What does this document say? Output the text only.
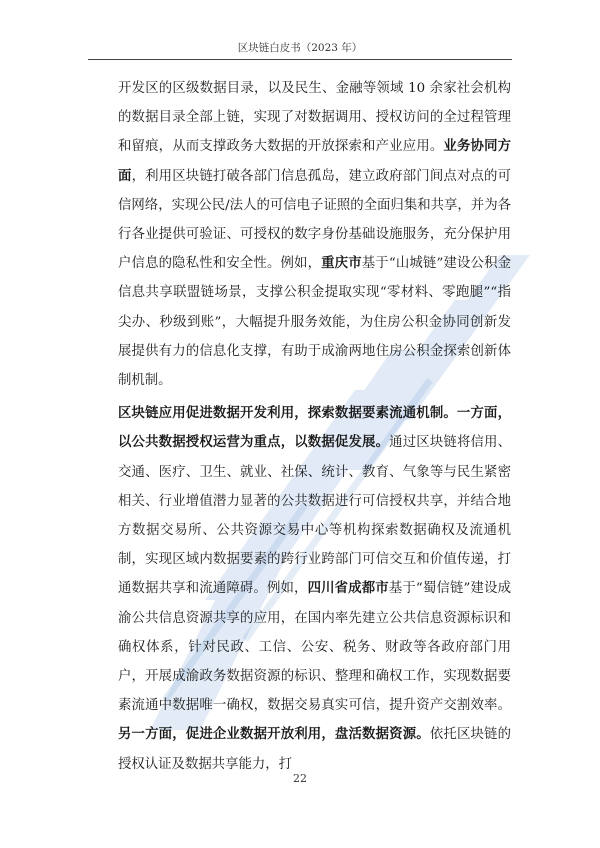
区块链白皮书（2023 年）

开发区的区级数据目录，以及民生、金融等领域 10 余家社会机构的数据目录全部上链，实现了对数据调用、授权访问的全过程管理和留痕，从而支撑政务大数据的开放探索和产业应用。业务协同方面，利用区块链打破各部门信息孤岛，建立政府部门间点对点的可信网络，实现公民/法人的可信电子证照的全面归集和共享，并为各行各业提供可验证、可授权的数字身份基础设施服务，充分保护用户信息的隐私性和安全性。例如，重庆市基于“山城链”建设公积金信息共享联盟链场景，支撑公积金提取实现“零材料、零跑腿”“指尖办、秒级到账”，大幅提升服务效能，为住房公积金协同创新发展提供有力的信息化支撑，有助于成渝两地住房公积金探索创新体制机制。

区块链应用促进数据开发利用，探索数据要素流通机制。一方面，以公共数据授权运营为重点，以数据促发展。通过区块链将信用、交通、医疗、卫生、就业、社保、统计、教育、气象等与民生紧密相关、行业增值潜力显著的公共数据进行可信授权共享，并结合地方数据交易所、公共资源交易中心等机构探索数据确权及流通机制，实现区域内数据要素的跨行业跨部门可信交互和价值传递，打通数据共享和流通障碍。例如，四川省成都市基于“蜀信链”建设成渝公共信息资源共享的应用，在国内率先建立公共信息资源标识和确权体系，针对民政、工信、公安、税务、财政等各政府部门用户，开展成渝政务数据资源的标识、整理和确权工作，实现数据要素流通中数据唯一确权，数据交易真实可信，提升资产交割效率。另一方面，促进企业数据开放利用，盘活数据资源。依托区块链的授权认证及数据共享能力，打

22
